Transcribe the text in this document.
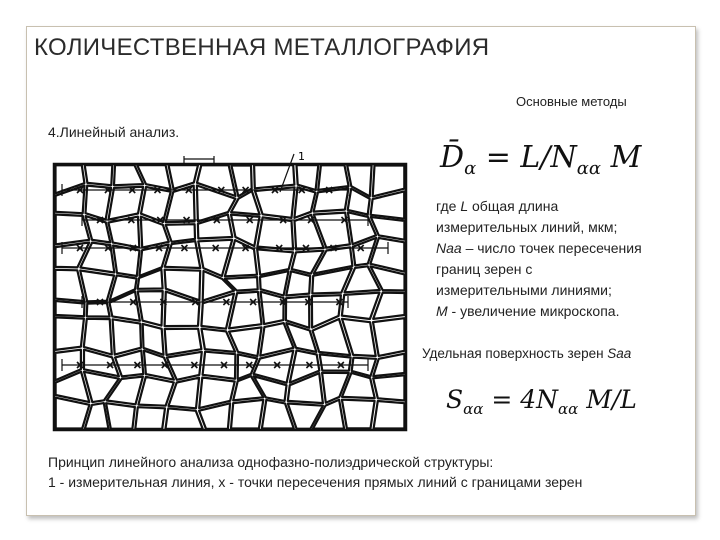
КОЛИЧЕСТВЕННАЯ МЕТАЛЛОГРАФИЯ
Основные методы
4.Линейный анализ.
1	$D̄_\alpha = L/N_{\alpha\alpha}$ M
где L общая длина
измерительных линий, мкм;
Nаа – число точек пересечения
границ зерен с
измерительными линиями;
M - увеличение микроскопа.
Удельная поверхность зерен Sаа
$S_{\alpha\alpha} = 4N_{\alpha\alpha}$ M/L
Принцип линейного анализа однофазно-полиэдрической структуры:
1 - измерительная линия, x - точки пересечения прямых линий с границами зерен
